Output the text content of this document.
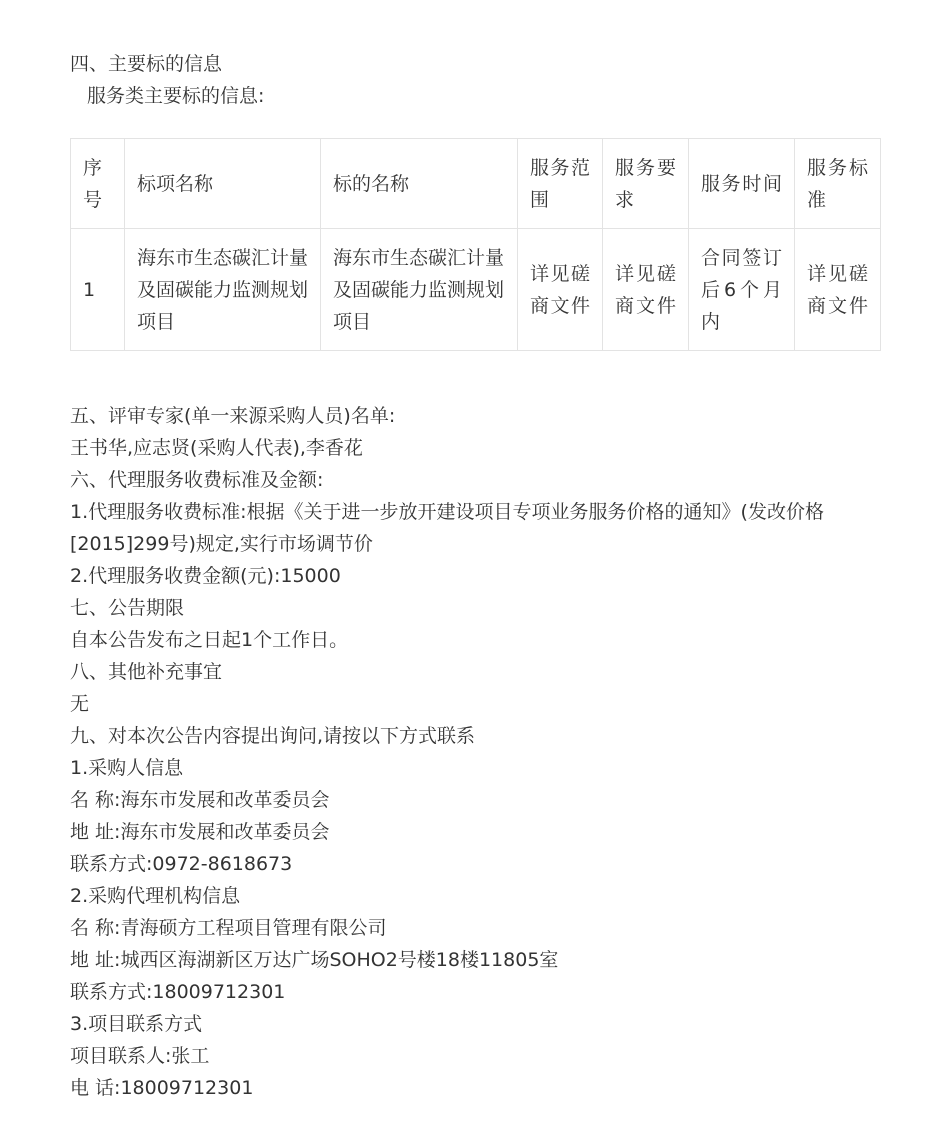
四、主要标的信息
服务类主要标的信息:
序号	标项名称	标的名称	服务范围	服务要求	服务时间	服务标准
1	海东市生态碳汇计量及固碳能力监测规划项目	海东市生态碳汇计量及固碳能力监测规划项目	详见磋商文件	详见磋商文件	合同签订后6个月内	详见磋商文件
五、评审专家(单一来源采购人员)名单:
王书华,应志贤(采购人代表),李香花
六、代理服务收费标准及金额:
1.代理服务收费标准:根据《关于进一步放开建设项目专项业务服务价格的通知》(发改价格[2015]299号)规定,实行市场调节价
2.代理服务收费金额(元):15000
七、公告期限
自本公告发布之日起1个工作日。
八、其他补充事宜
无
九、对本次公告内容提出询问,请按以下方式联系
1.采购人信息
名 称:海东市发展和改革委员会
地 址:海东市发展和改革委员会
联系方式:0972-8618673
2.采购代理机构信息
名 称:青海硕方工程项目管理有限公司
地 址:城西区海湖新区万达广场SOHO2号楼18楼11805室
联系方式:18009712301
3.项目联系方式
项目联系人:张工
电 话:18009712301
